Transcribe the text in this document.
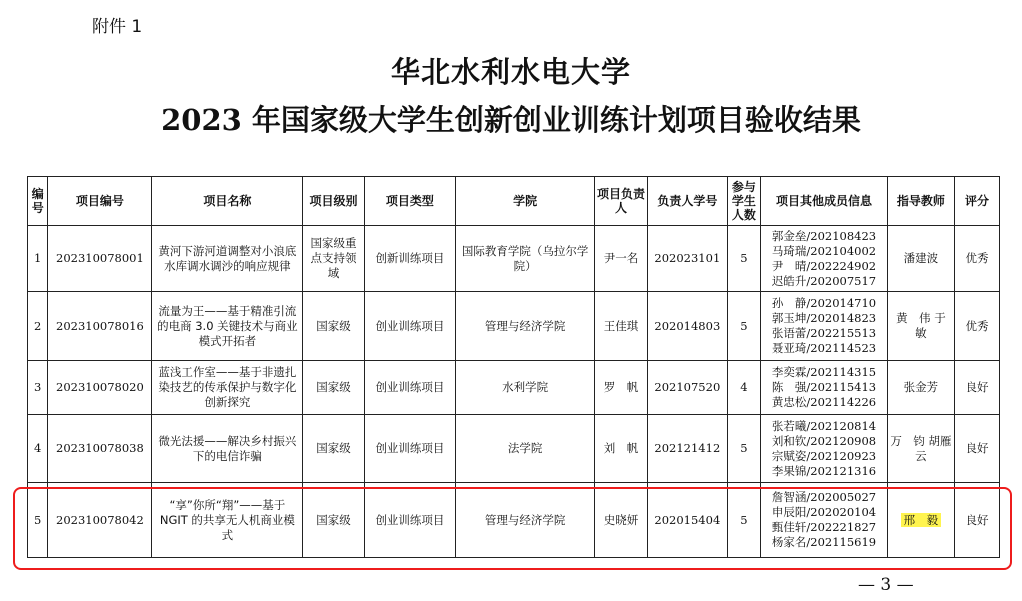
附件 1
华北水利水电大学
2023 年国家级大学生创新创业训练计划项目验收结果
编号	项目编号	项目名称	项目级别	项目类型	学院	项目负责人	负责人学号	参与学生人数	项目其他成员信息	指导教师	评分
1	202310078001	黄河下游河道调整对小浪底水库调水调沙的响应规律	国家级重点支持领域	创新训练项目	国际教育学院（乌拉尔学院）	尹一名	202023101	5	郭金垒/202108423
马琦瑞/202104002
尹　晴/202224902
迟皓升/202007517	潘建波	优秀
2	202310078016	流量为王——基于精准引流的电商 3.0 关键技术与商业模式开拓者	国家级	创业训练项目	管理与经济学院	王佳琪	202014803	5	孙　静/202014710
郭玉坤/202014823
张语蕾/202215513
聂亚琦/202114523	黄　伟 于　敏	优秀
3	202310078020	蓝浅工作室——基于非遗扎染技艺的传承保护与数字化创新探究	国家级	创业训练项目	水利学院	罗　帆	202107520	4	李奕霖/202114315
陈　强/202115413
黄忠松/202114226	张金芳	良好
4	202310078038	微光法援——解决乡村振兴下的电信诈骗	国家级	创业训练项目	法学院	刘　帆	202121412	5	张若曦/202120814
刘和钦/202120908
宗赋姿/202120923
李果锦/202121316	万　钧 胡雁云	良好
5	202310078042	“享”你所“翔”——基于 NGIT 的共享无人机商业模式	国家级	创业训练项目	管理与经济学院	史晓妍	202015404	5	詹智涵/202005027
申辰阳/202020104
甄佳轩/202221827
杨家名/202115619	邢　毅	良好
— 3 —
